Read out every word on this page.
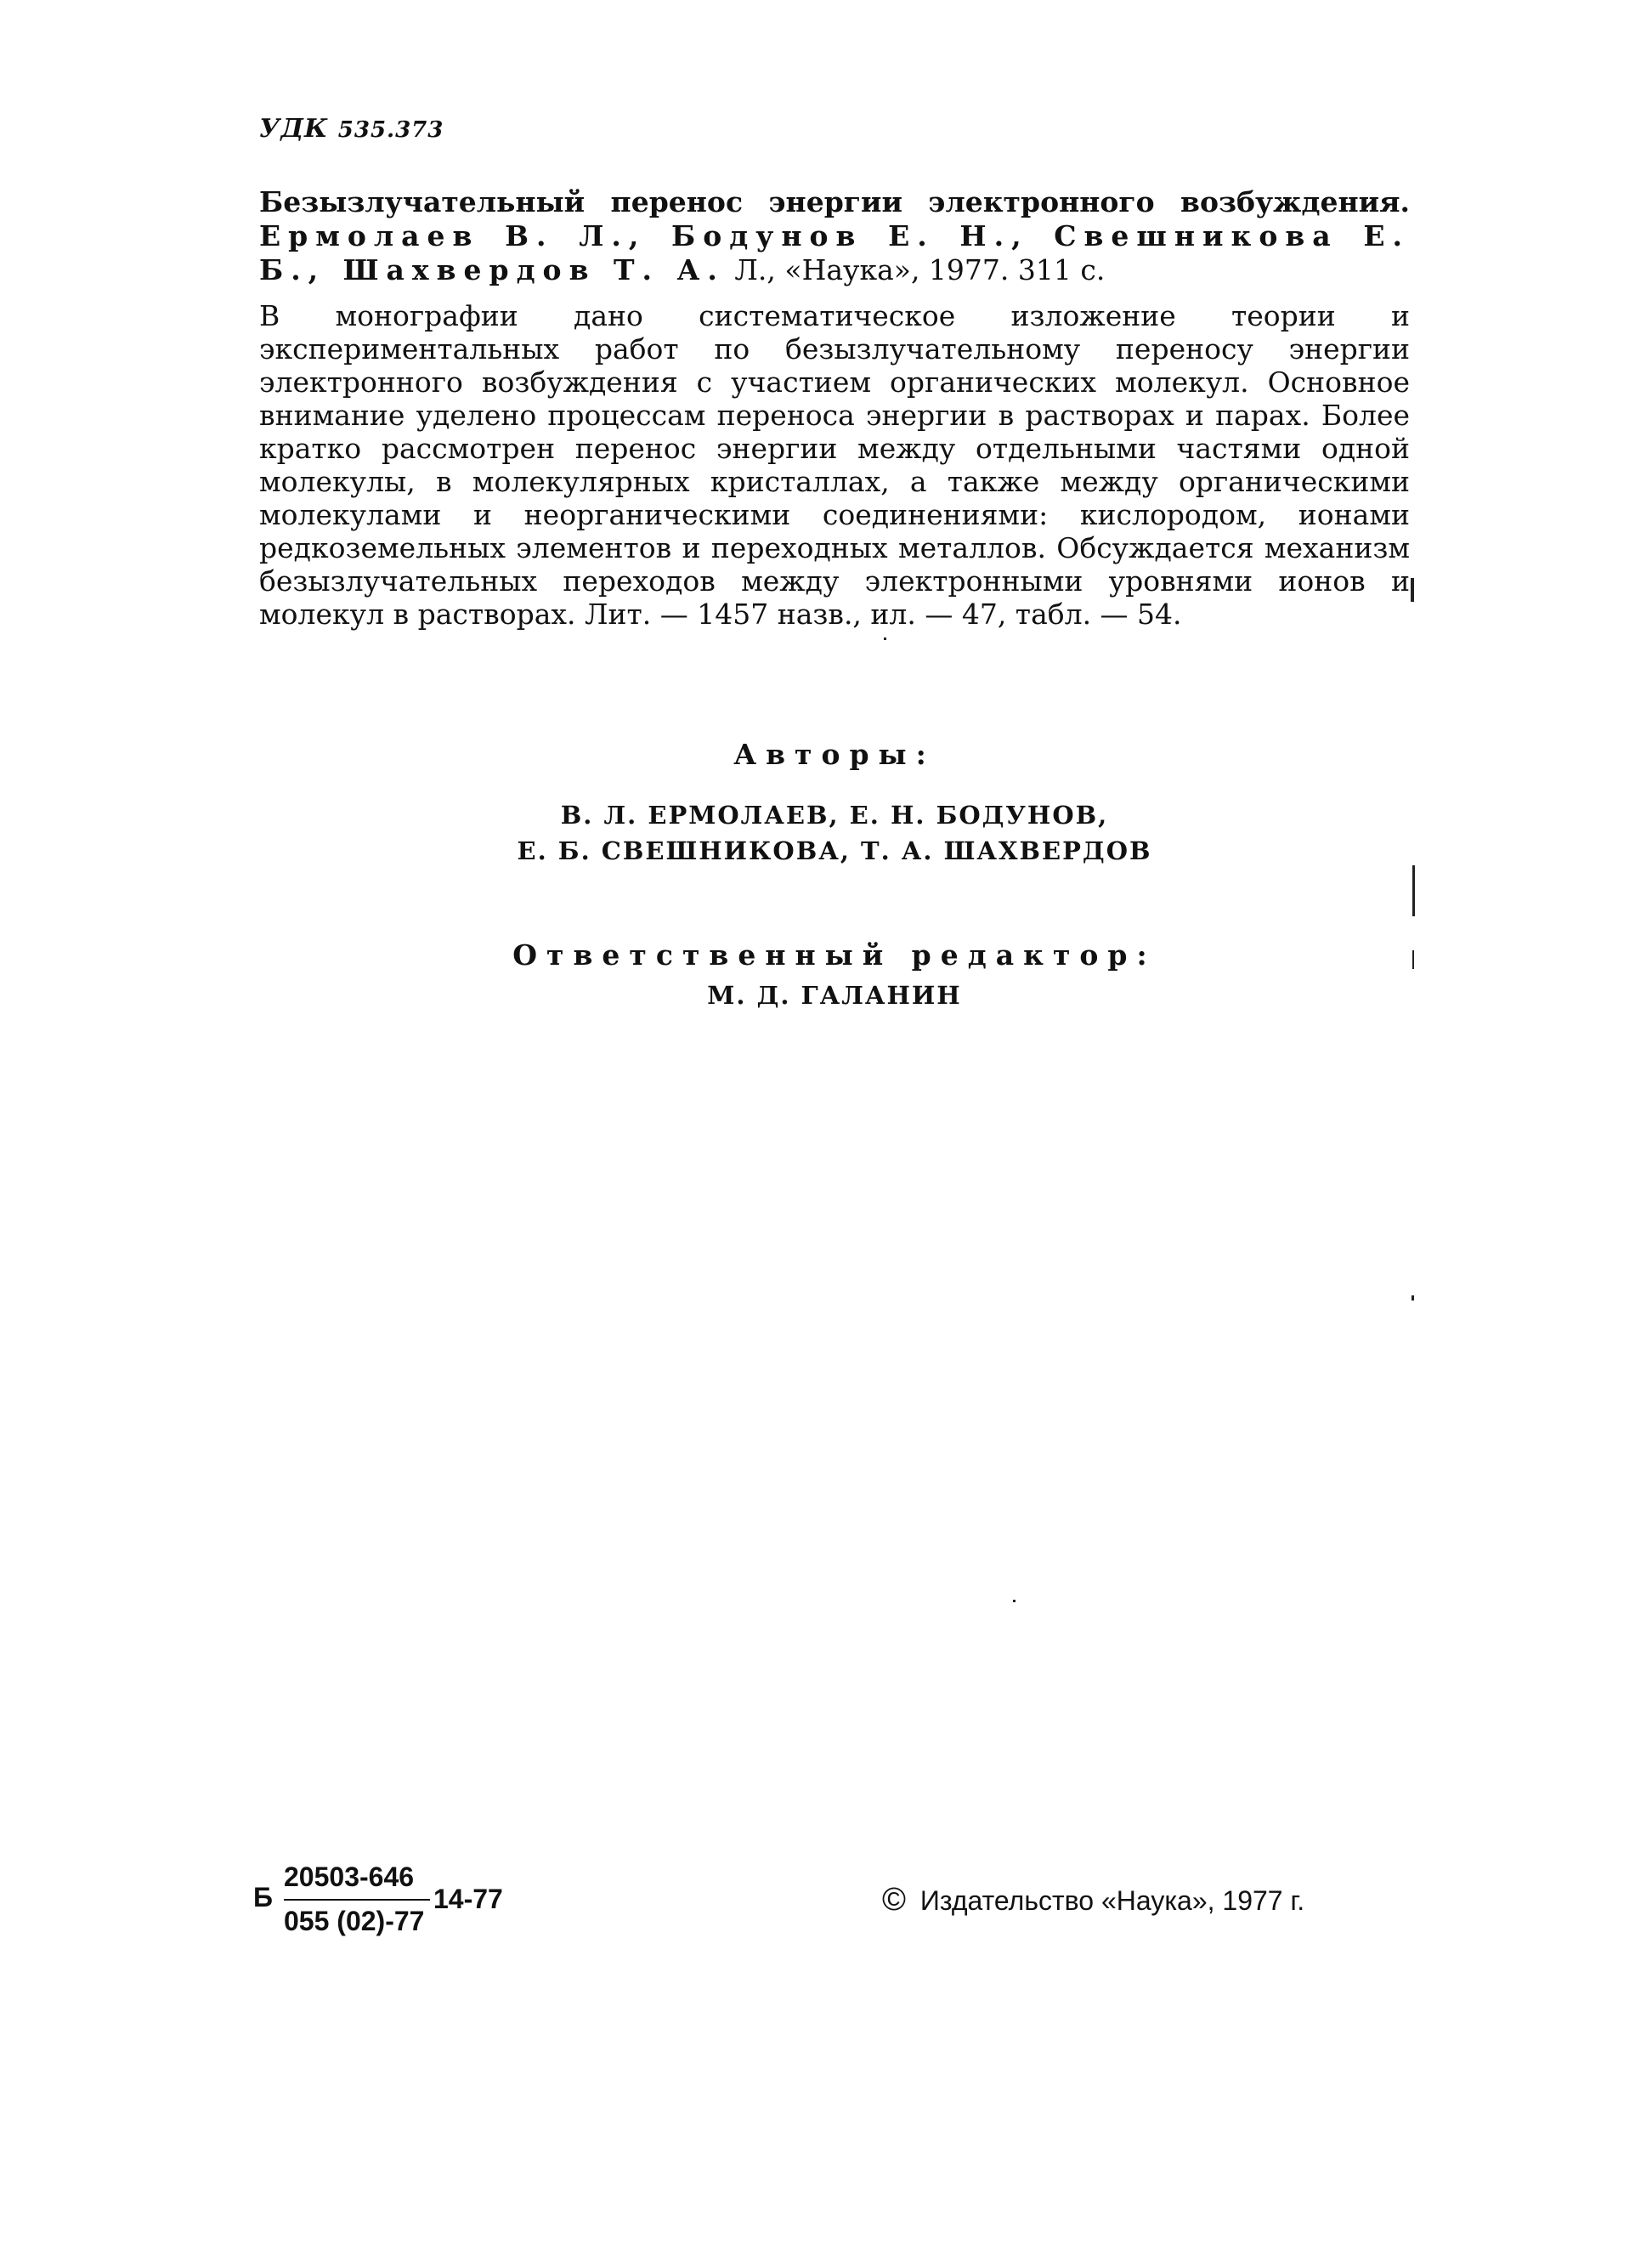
УДК 535.373
Безызлучательный перенос энергии электронного возбуждения. Ермолаев В. Л., Бодунов Е. Н., Свешникова Е. Б., Шахвердов Т. А. Л., «Наука», 1977. 311 с.
В монографии дано систематическое изложение теории и экспериментальных работ по безызлучательному переносу энергии электронного возбуждения с участием органических молекул. Основное внимание уделено процессам переноса энергии в растворах и парах. Более кратко рассмотрен перенос энергии между отдельными частями одной молекулы, в молекулярных кристаллах, а также между органическими молекулами и неорганическими соединениями: кислородом, ионами редкоземельных элементов и переходных металлов. Обсуждается механизм безызлучательных переходов между электронными уровнями ионов и молекул в растворах. Лит. — 1457 назв., ил. — 47, табл. — 54.
Авторы:
В. Л. ЕРМОЛАЕВ, Е. Н. БОДУНОВ,
Е. Б. СВЕШНИКОВА, Т. А. ШАХВЕРДОВ
Ответственный редактор:
М. Д. ГАЛАНИН
Б
20503-646
055 (02)-77
14-77	© Издательство «Наука», 1977 г.
